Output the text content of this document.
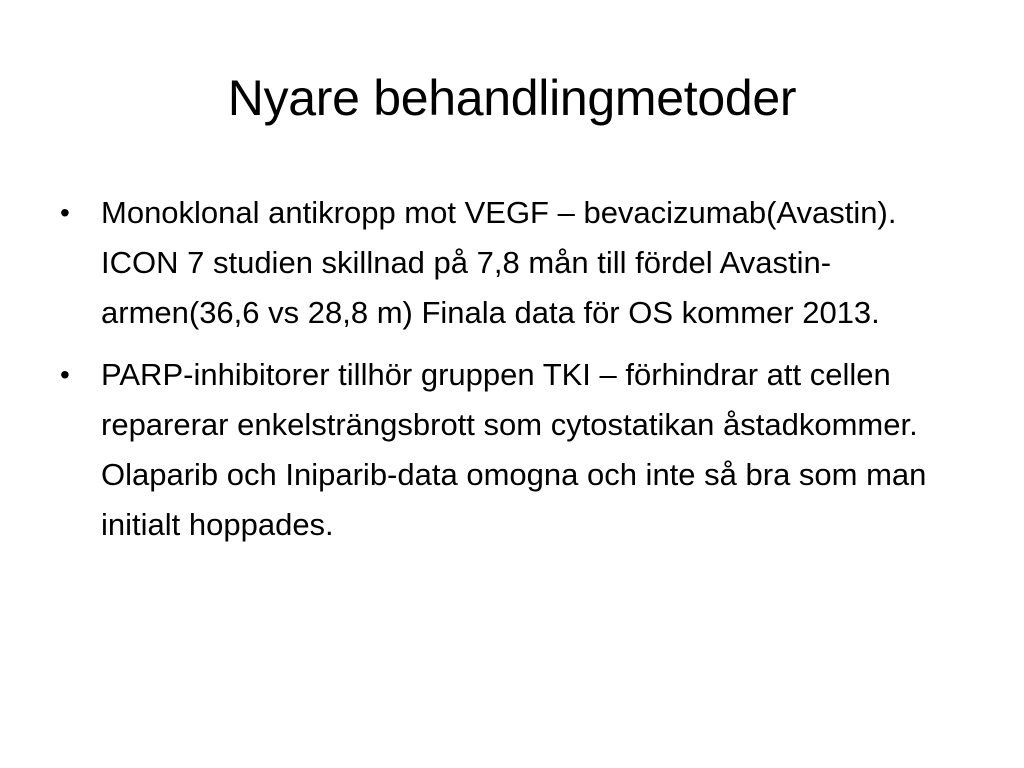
Nyare behandlingmetoder
•	Monoklonal antikropp mot VEGF – bevacizumab(Avastin). ICON 7 studien skillnad på 7,8 mån till fördel Avastin-armen(36,6 vs 28,8 m) Finala data för OS kommer 2013.
•	PARP-inhibitorer tillhör gruppen TKI – förhindrar att cellen reparerar enkelsträngsbrott som cytostatikan åstadkommer. Olaparib och Iniparib-data omogna och inte så bra som man initialt hoppades.
